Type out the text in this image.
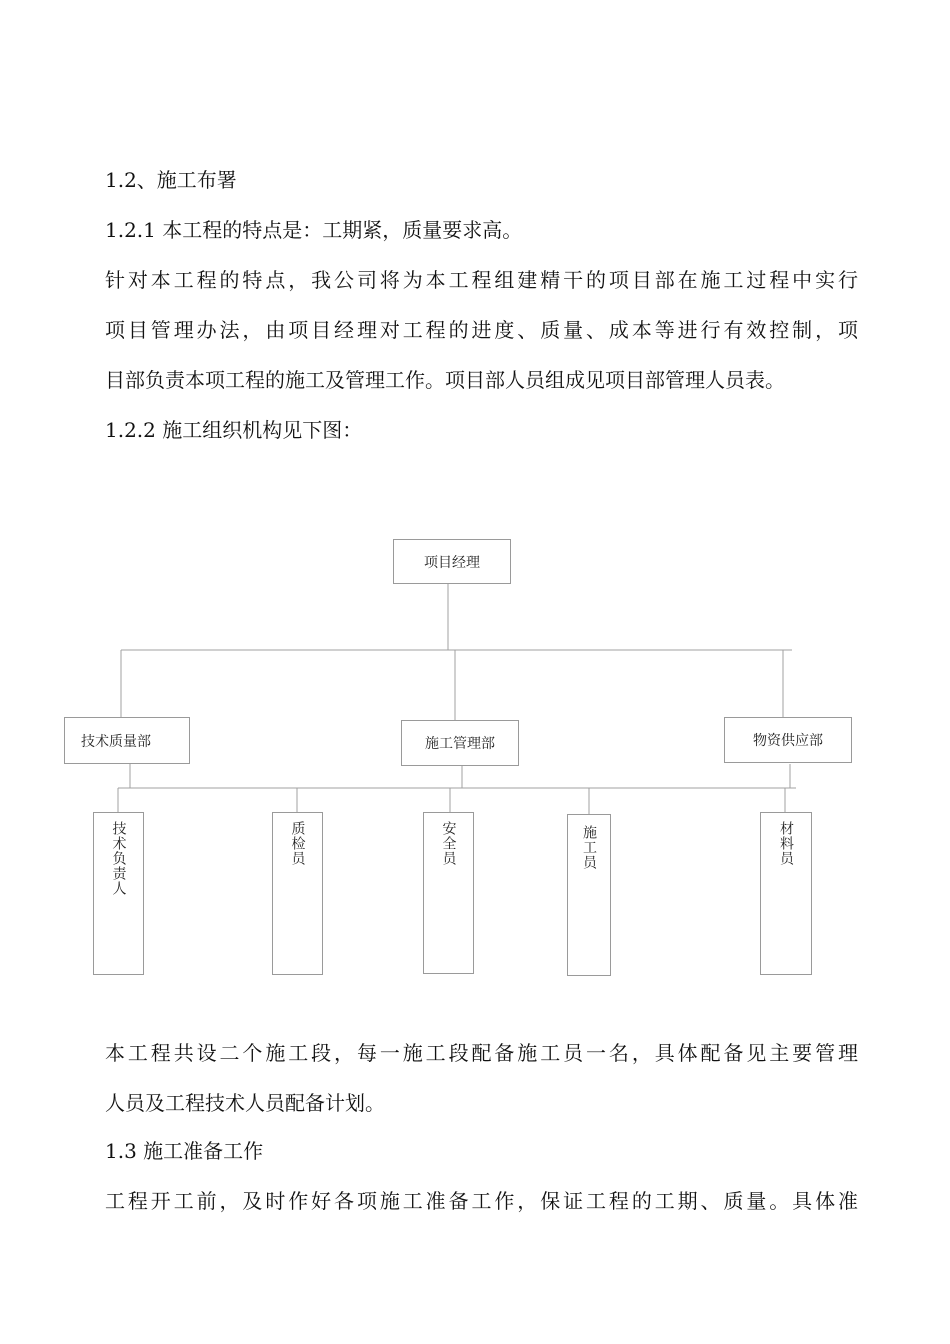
1.2、施工布署
1.2.1 本工程的特点是：工期紧，质量要求高。
针对本工程的特点，我公司将为本工程组建精干的项目部在施工过程中实行
项目管理办法，由项目经理对工程的进度、质量、成本等进行有效控制，项
目部负责本项工程的施工及管理工作。项目部人员组成见项目部管理人员表。
1.2.2 施工组织机构见下图：
项目经理
技术质量部	施工管理部	物资供应部
技术负责人	质检员	安全员	施工员	材料员
本工程共设二个施工段，每一施工段配备施工员一名，具体配备见主要管理
人员及工程技术人员配备计划。
1.3 施工准备工作
工程开工前，及时作好各项施工准备工作，保证工程的工期、质量。具体准
